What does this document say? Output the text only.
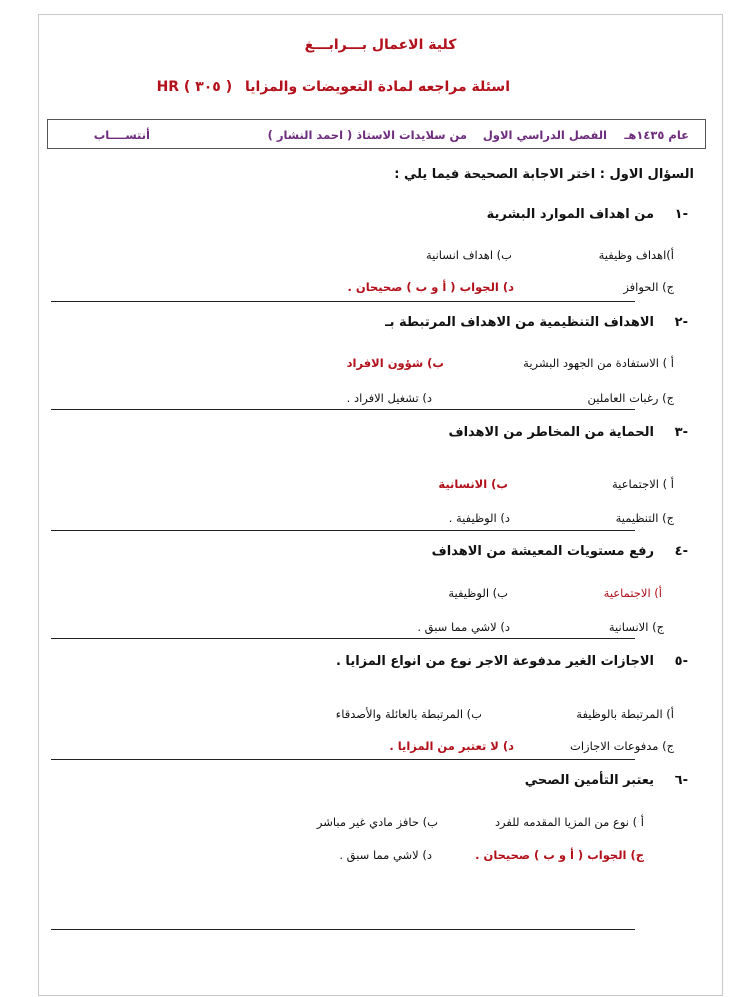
كلية الاعمال بـــرابـــغ
اسئلة مراجعه لمادة التعويضات والمزايا HR ( ٣٠٥ )
عام ١٤٣٥هـ
الفصل الدراسي الاول
من سلايدات الاستاذ ( احمد النشار )
أنتســــاب
السؤال الاول : اختر الاجابة الصحيحة فيما يلي :
-١
من اهداف الموارد البشرية
أ)اهداف وظيفية
ب) اهداف انسانية
ج) الحوافز
د) الجواب ( أ و ب ) صحيحان .
-٢
الاهداف التنظيمية من الاهداف المرتبطة بـ
أ ) الاستفادة من الجهود البشرية
ب) شؤون الافراد
ج) رغبات العاملين
د) تشغيل الافراد .
-٣
الحماية من المخاطر من الاهداف
أ ) الاجتماعية
ب) الانسانية
ج) التنظيمية
د) الوظيفية .
-٤
رفع مستويات المعيشة من الاهداف
أ) الاجتماعية
ب) الوظيفية
ج) الانسانية
د) لاشي مما سبق .
-٥
الاجازات الغير مدفوعة الاجر نوع من انواع المزايا .
أ) المرتبطة بالوظيفة
ب) المرتبطة بالعائلة والأصدقاء
ج) مدفوعات الاجازات
د) لا تعتبر من المزايا .
-٦
يعتبر التأمين الصحي
أ ) نوع من المزيا المقدمه للفرد
ب) حافز مادي غير مباشر
ج) الجواب ( أ و ب ) صحيحان .
د) لاشي مما سبق .
